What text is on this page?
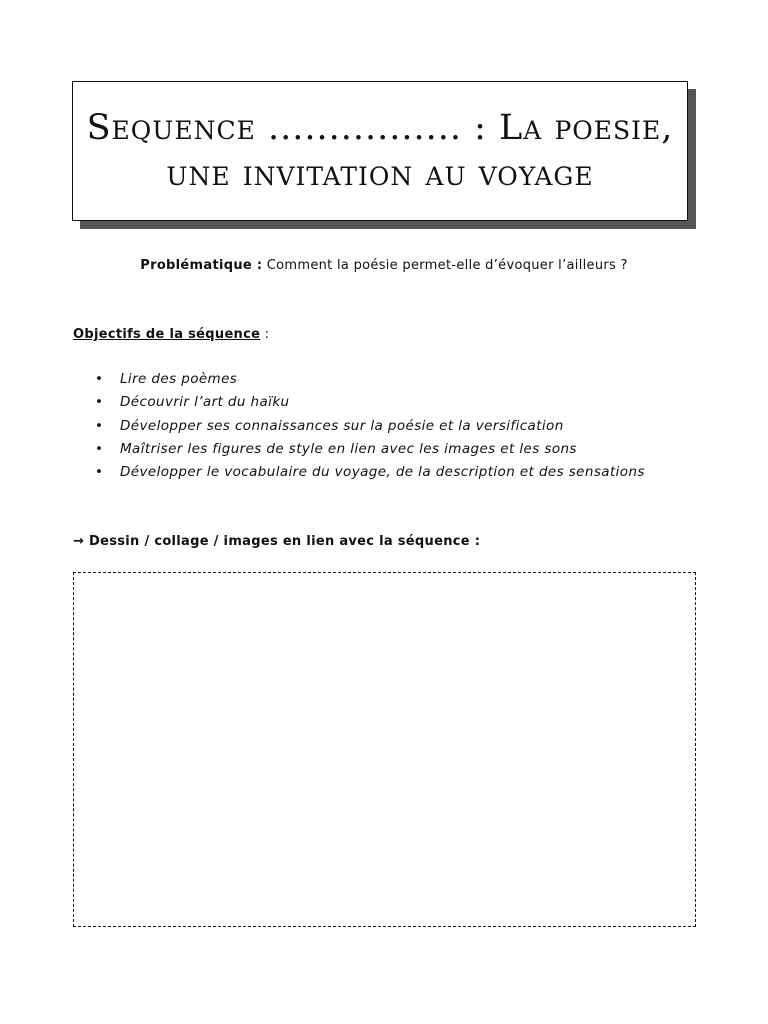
Sequence ................ : La poesie,
une invitation au voyage
Problématique : Comment la poésie permet-elle d’évoquer l’ailleurs ?
Objectifs de la séquence :
• Lire des poèmes
• Découvrir l’art du haïku
• Développer ses connaissances sur la poésie et la versification
• Maîtriser les figures de style en lien avec les images et les sons
• Développer le vocabulaire du voyage, de la description et des sensations
→ Dessin / collage / images en lien avec la séquence :
